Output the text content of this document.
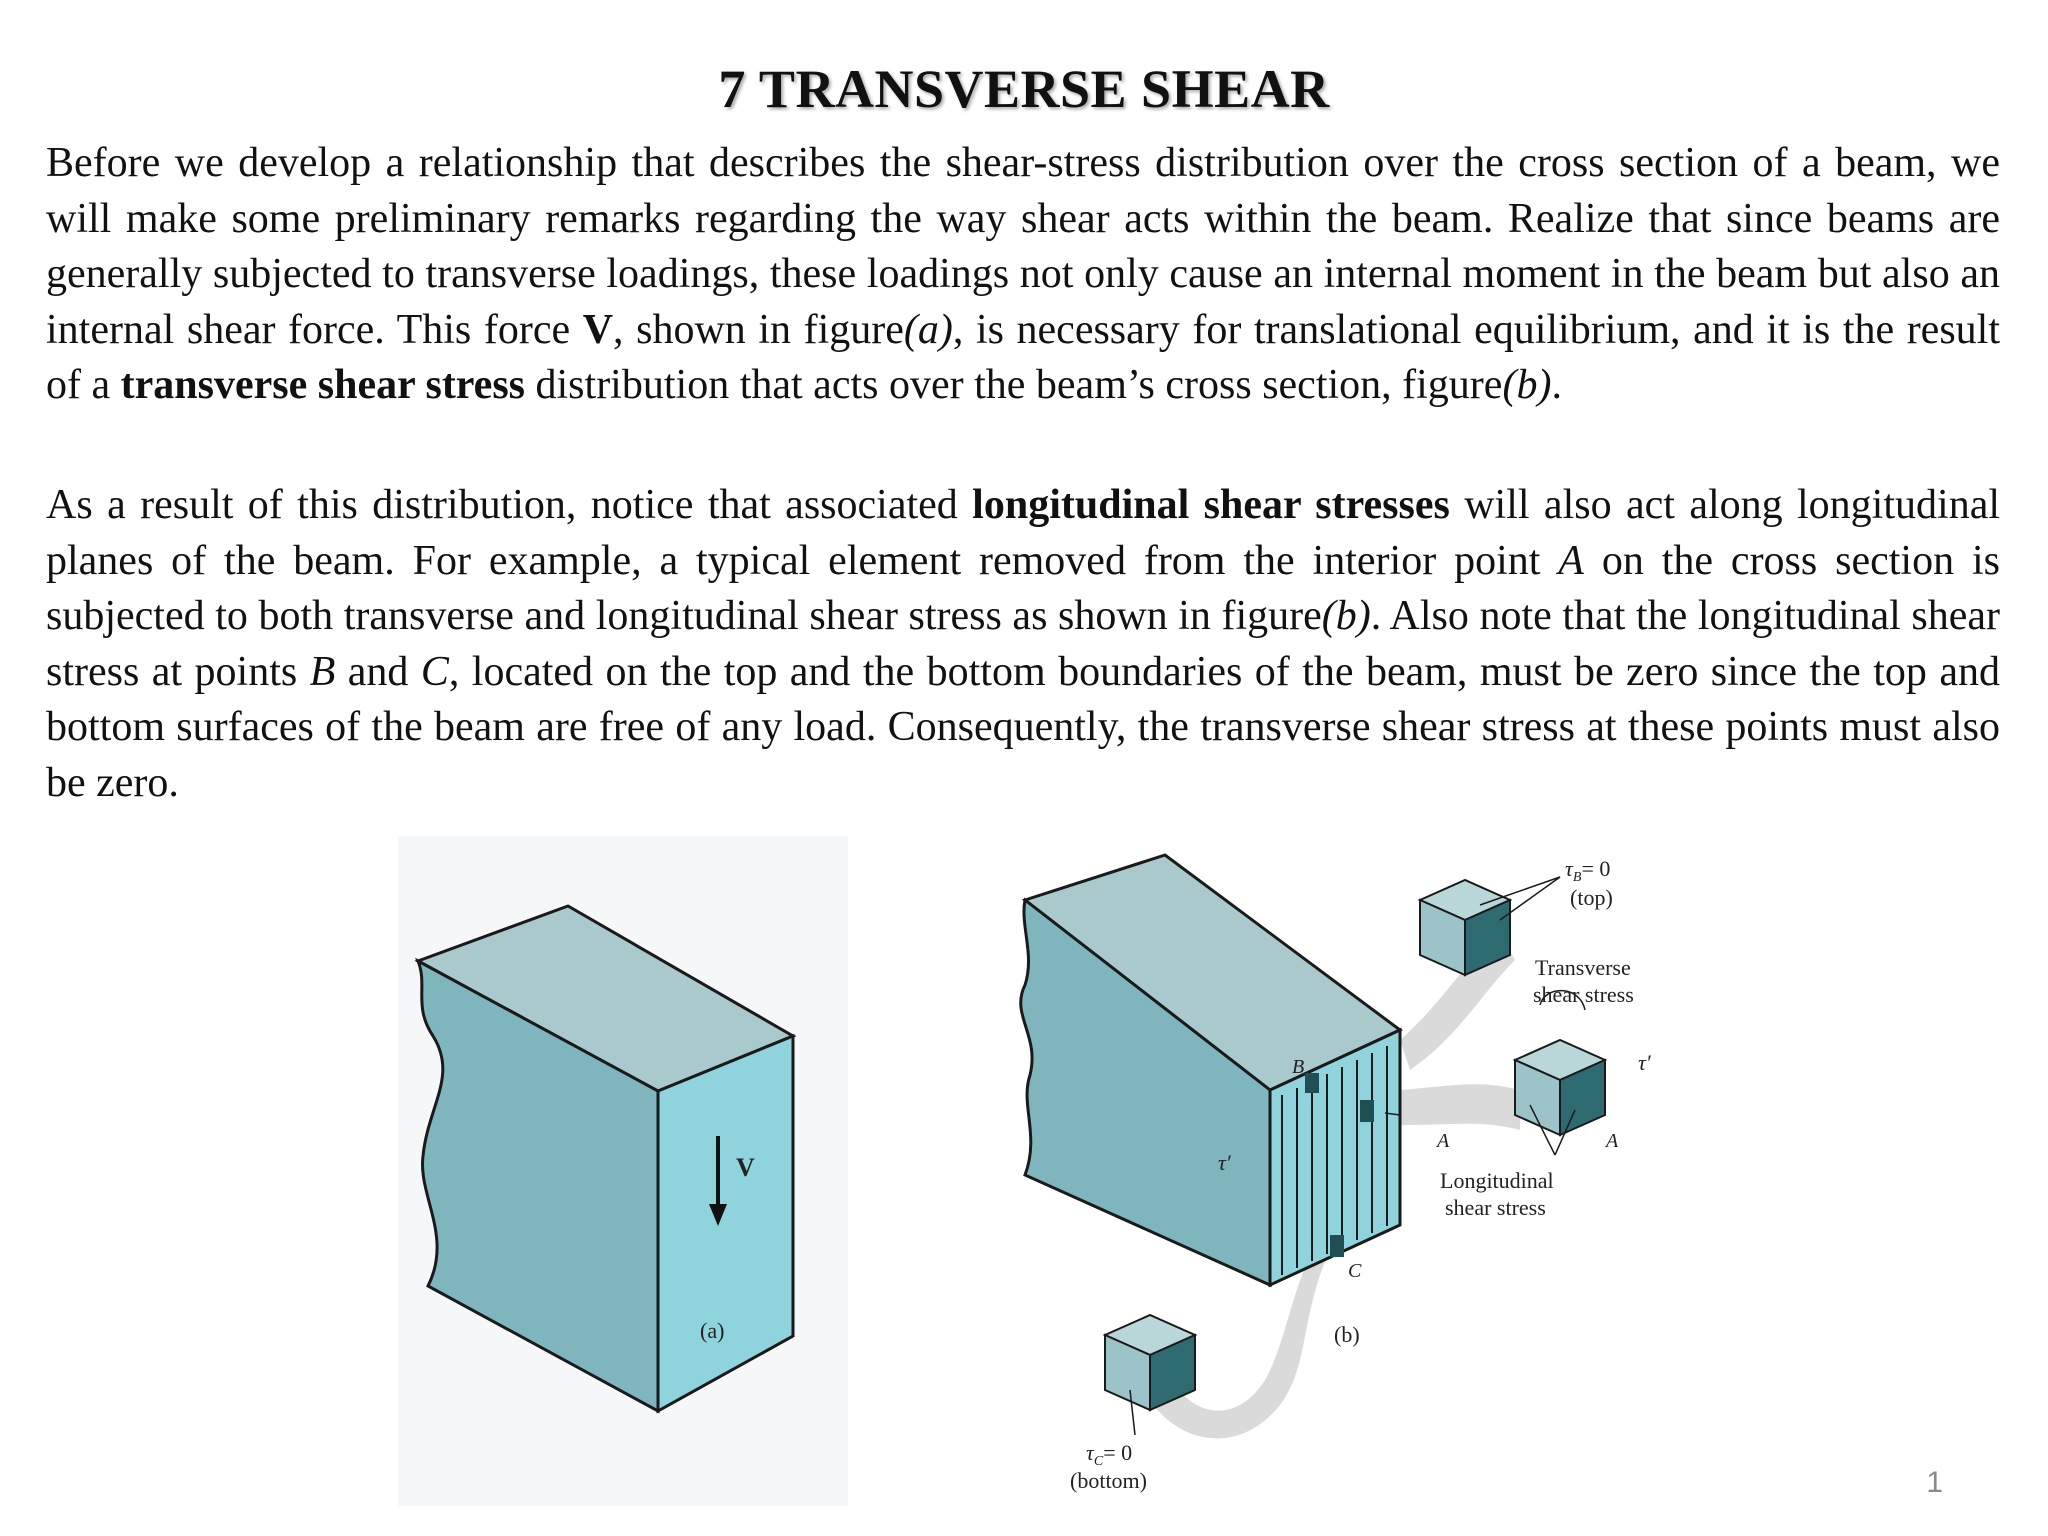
7 TRANSVERSE SHEAR

Before we develop a relationship that describes the shear-stress distribution over the cross section of a beam, we will make some preliminary remarks regarding the way shear acts within the beam. Realize that since beams are generally subjected to transverse loadings, these loadings not only cause an internal moment in the beam but also an internal shear force. This force V, shown in figure(a), is necessary for translational equilibrium, and it is the result of a transverse shear stress distribution that acts over the beam’s cross section, figure(b).

As a result of this distribution, notice that associated longitudinal shear stresses will also act along longitudinal planes of the beam. For example, a typical element removed from the interior point A on the cross section is subjected to both transverse and longitudinal shear stress as shown in figure(b). Also note that the longitudinal shear stress at points B and C, located on the top and the bottom boundaries of the beam, must be zero since the top and bottom surfaces of the beam are free of any load. Consequently, the transverse shear stress at these points must also be zero.

V
(a)
$\tau_B= 0$
(top)
Transverse
shear stress
τ′
B
τ′
A	A
Longitudinal
shear stress
C
(b)
$\tau_C= 0$
(bottom)	1
